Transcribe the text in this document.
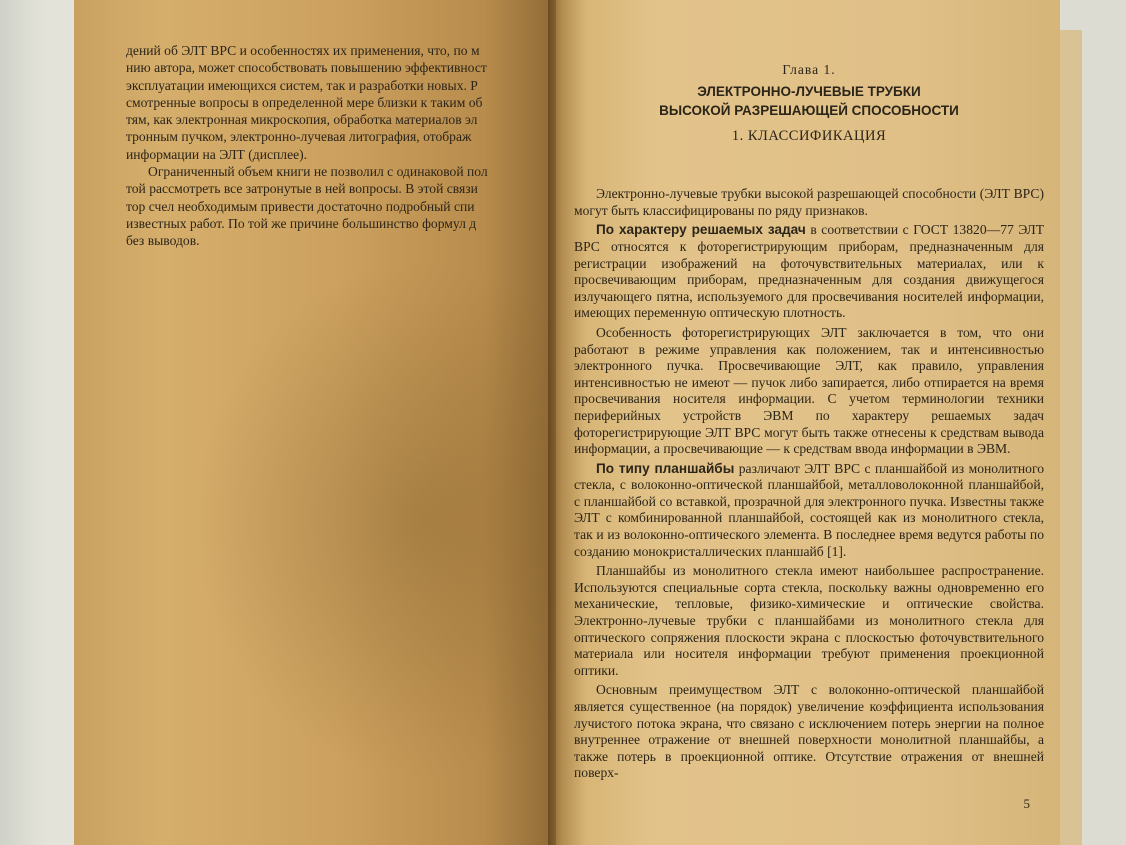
дений об ЭЛТ ВРС и особенностях их применения, что, по м

нию автора, может способствовать повышению эффективност

эксплуатации имеющихся систем, так и разработки новых. Р

смотренные вопросы в определенной мере близки к таким об

тям, как электронная микроскопия, обработка материалов эл

тронным пучком, электронно-лучевая литография, отображ

информации на ЭЛТ (дисплее).

Ограниченный объем книги не позволил с одинаковой пол

той рассмотреть все затронутые в ней вопросы. В этой связи

тор счел необходимым привести достаточно подробный спи

известных работ. По той же причине большинство формул д

без выводов.

Глава 1.

ЭЛЕКТРОННО-ЛУЧЕВЫЕ ТРУБКИ

ВЫСОКОЙ РАЗРЕШАЮЩЕЙ СПОСОБНОСТИ

1. КЛАССИФИКАЦИЯ

Электронно-лучевые трубки высокой разрешающей способности (ЭЛТ ВРС) могут быть классифицированы по ряду признаков.

По характеру решаемых задач в соответствии с ГОСТ 13820—77 ЭЛТ ВРС относятся к фоторегистрирующим приборам, предназначенным для регистрации изображений на фоточувствительных материалах, или к просвечивающим приборам, предназначенным для создания движущегося излучающего пятна, используемого для просвечивания носителей информации, имеющих переменную оптическую плотность.

Особенность фоторегистрирующих ЭЛТ заключается в том, что они работают в режиме управления как положением, так и интенсивностью электронного пучка. Просвечивающие ЭЛТ, как правило, управления интенсивностью не имеют — пучок либо запирается, либо отпирается на время просвечивания носителя информации. С учетом терминологии техники периферийных устройств ЭВМ по характеру решаемых задач фоторегистрирующие ЭЛТ ВРС могут быть также отнесены к средствам вывода информации, а просвечивающие — к средствам ввода информации в ЭВМ.

По типу планшайбы различают ЭЛТ ВРС с планшайбой из монолитного стекла, с волоконно-оптической планшайбой, металловолоконной планшайбой, с планшайбой со вставкой, прозрачной для электронного пучка. Известны также ЭЛТ с комбинированной планшайбой, состоящей как из монолитного стекла, так и из волоконно-оптического элемента. В последнее время ведутся работы по созданию монокристаллических планшайб [1].

Планшайбы из монолитного стекла имеют наибольшее распространение. Используются специальные сорта стекла, поскольку важны одновременно его механические, тепловые, физико-химические и оптические свойства. Электронно-лучевые трубки с планшайбами из монолитного стекла для оптического сопряжения плоскости экрана с плоскостью фоточувствительного материала или носителя информации требуют применения проекционной оптики.

Основным преимуществом ЭЛТ с волоконно-оптической планшайбой является существенное (на порядок) увеличение коэффициента использования лучистого потока экрана, что связано с исключением потерь энергии на полное внутреннее отражение от внешней поверхности монолитной планшайбы, а также потерь в проекционной оптике. Отсутствие отражения от внешней поверх-

5
